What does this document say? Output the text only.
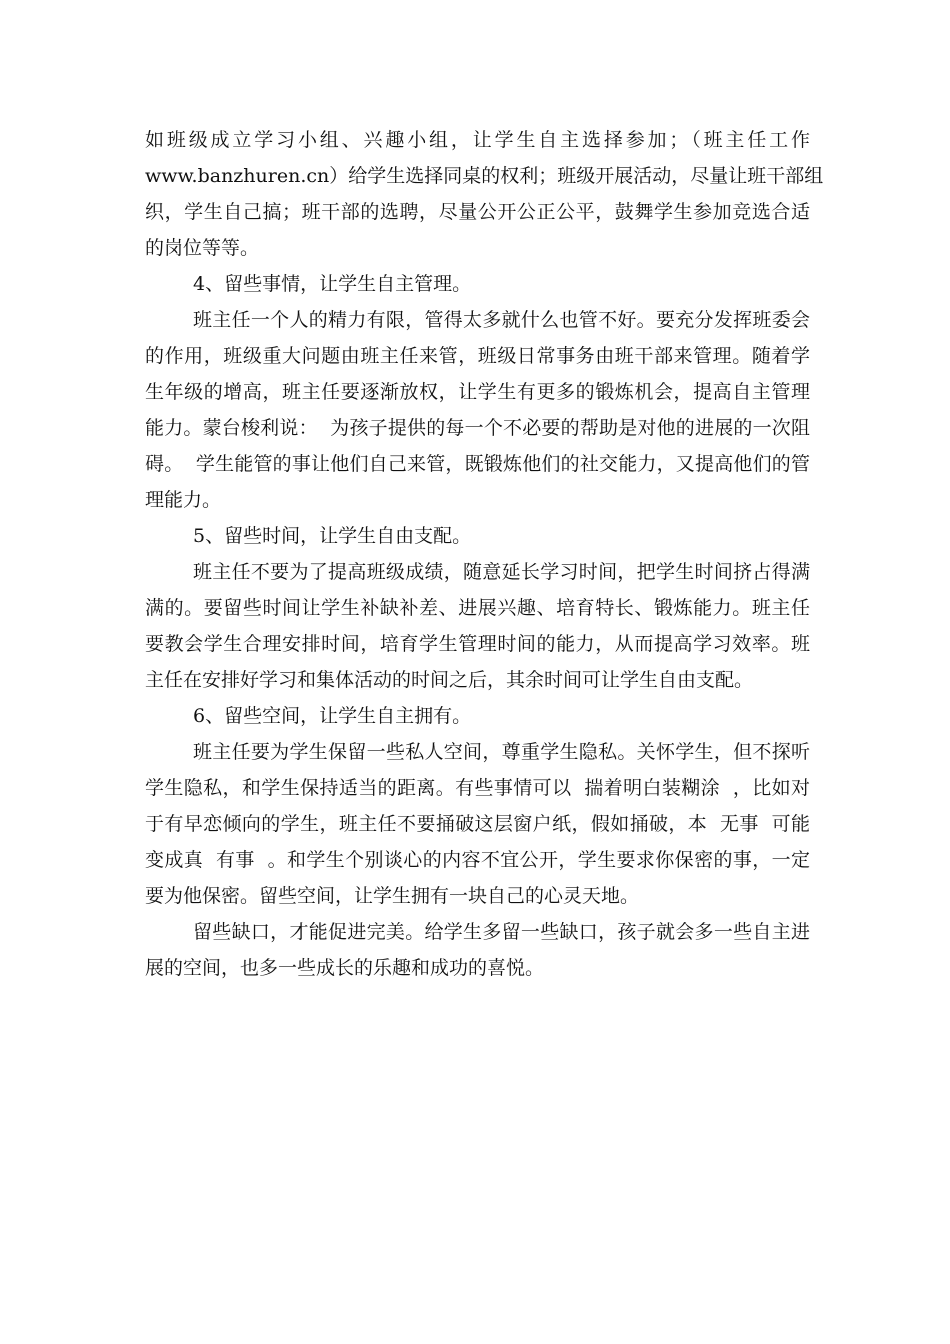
如班级成立学习小组、兴趣小组，让学生自主选择参加；（班主任工作
www.banzhuren.cn）给学生选择同桌的权利；班级开展活动，尽量让班干部组
织，学生自己搞；班干部的选聘，尽量公开公正公平，鼓舞学生参加竞选合适
的岗位等等。
4、留些事情，让学生自主管理。
班主任一个人的精力有限，管得太多就什么也管不好。要充分发挥班委会
的作用，班级重大问题由班主任来管，班级日常事务由班干部来管理。随着学
生年级的增高，班主任要逐渐放权，让学生有更多的锻炼机会，提高自主管理
能力。蒙台梭利说：  为孩子提供的每一个不必要的帮助是对他的进展的一次阻
碍。  学生能管的事让他们自己来管，既锻炼他们的社交能力，又提高他们的管
理能力。
5、留些时间，让学生自由支配。
班主任不要为了提高班级成绩，随意延长学习时间，把学生时间挤占得满
满的。要留些时间让学生补缺补差、进展兴趣、培育特长、锻炼能力。班主任
要教会学生合理安排时间，培育学生管理时间的能力，从而提高学习效率。班
主任在安排好学习和集体活动的时间之后，其余时间可让学生自由支配。
6、留些空间，让学生自主拥有。
班主任要为学生保留一些私人空间，尊重学生隐私。关怀学生，但不探听
学生隐私，和学生保持适当的距离。有些事情可以  揣着明白装糊涂  ，比如对
于有早恋倾向的学生，班主任不要捅破这层窗户纸，假如捅破，本  无事  可能
变成真  有事  。和学生个别谈心的内容不宜公开，学生要求你保密的事，一定
要为他保密。留些空间，让学生拥有一块自己的心灵天地。
留些缺口，才能促进完美。给学生多留一些缺口，孩子就会多一些自主进
展的空间，也多一些成长的乐趣和成功的喜悦。
